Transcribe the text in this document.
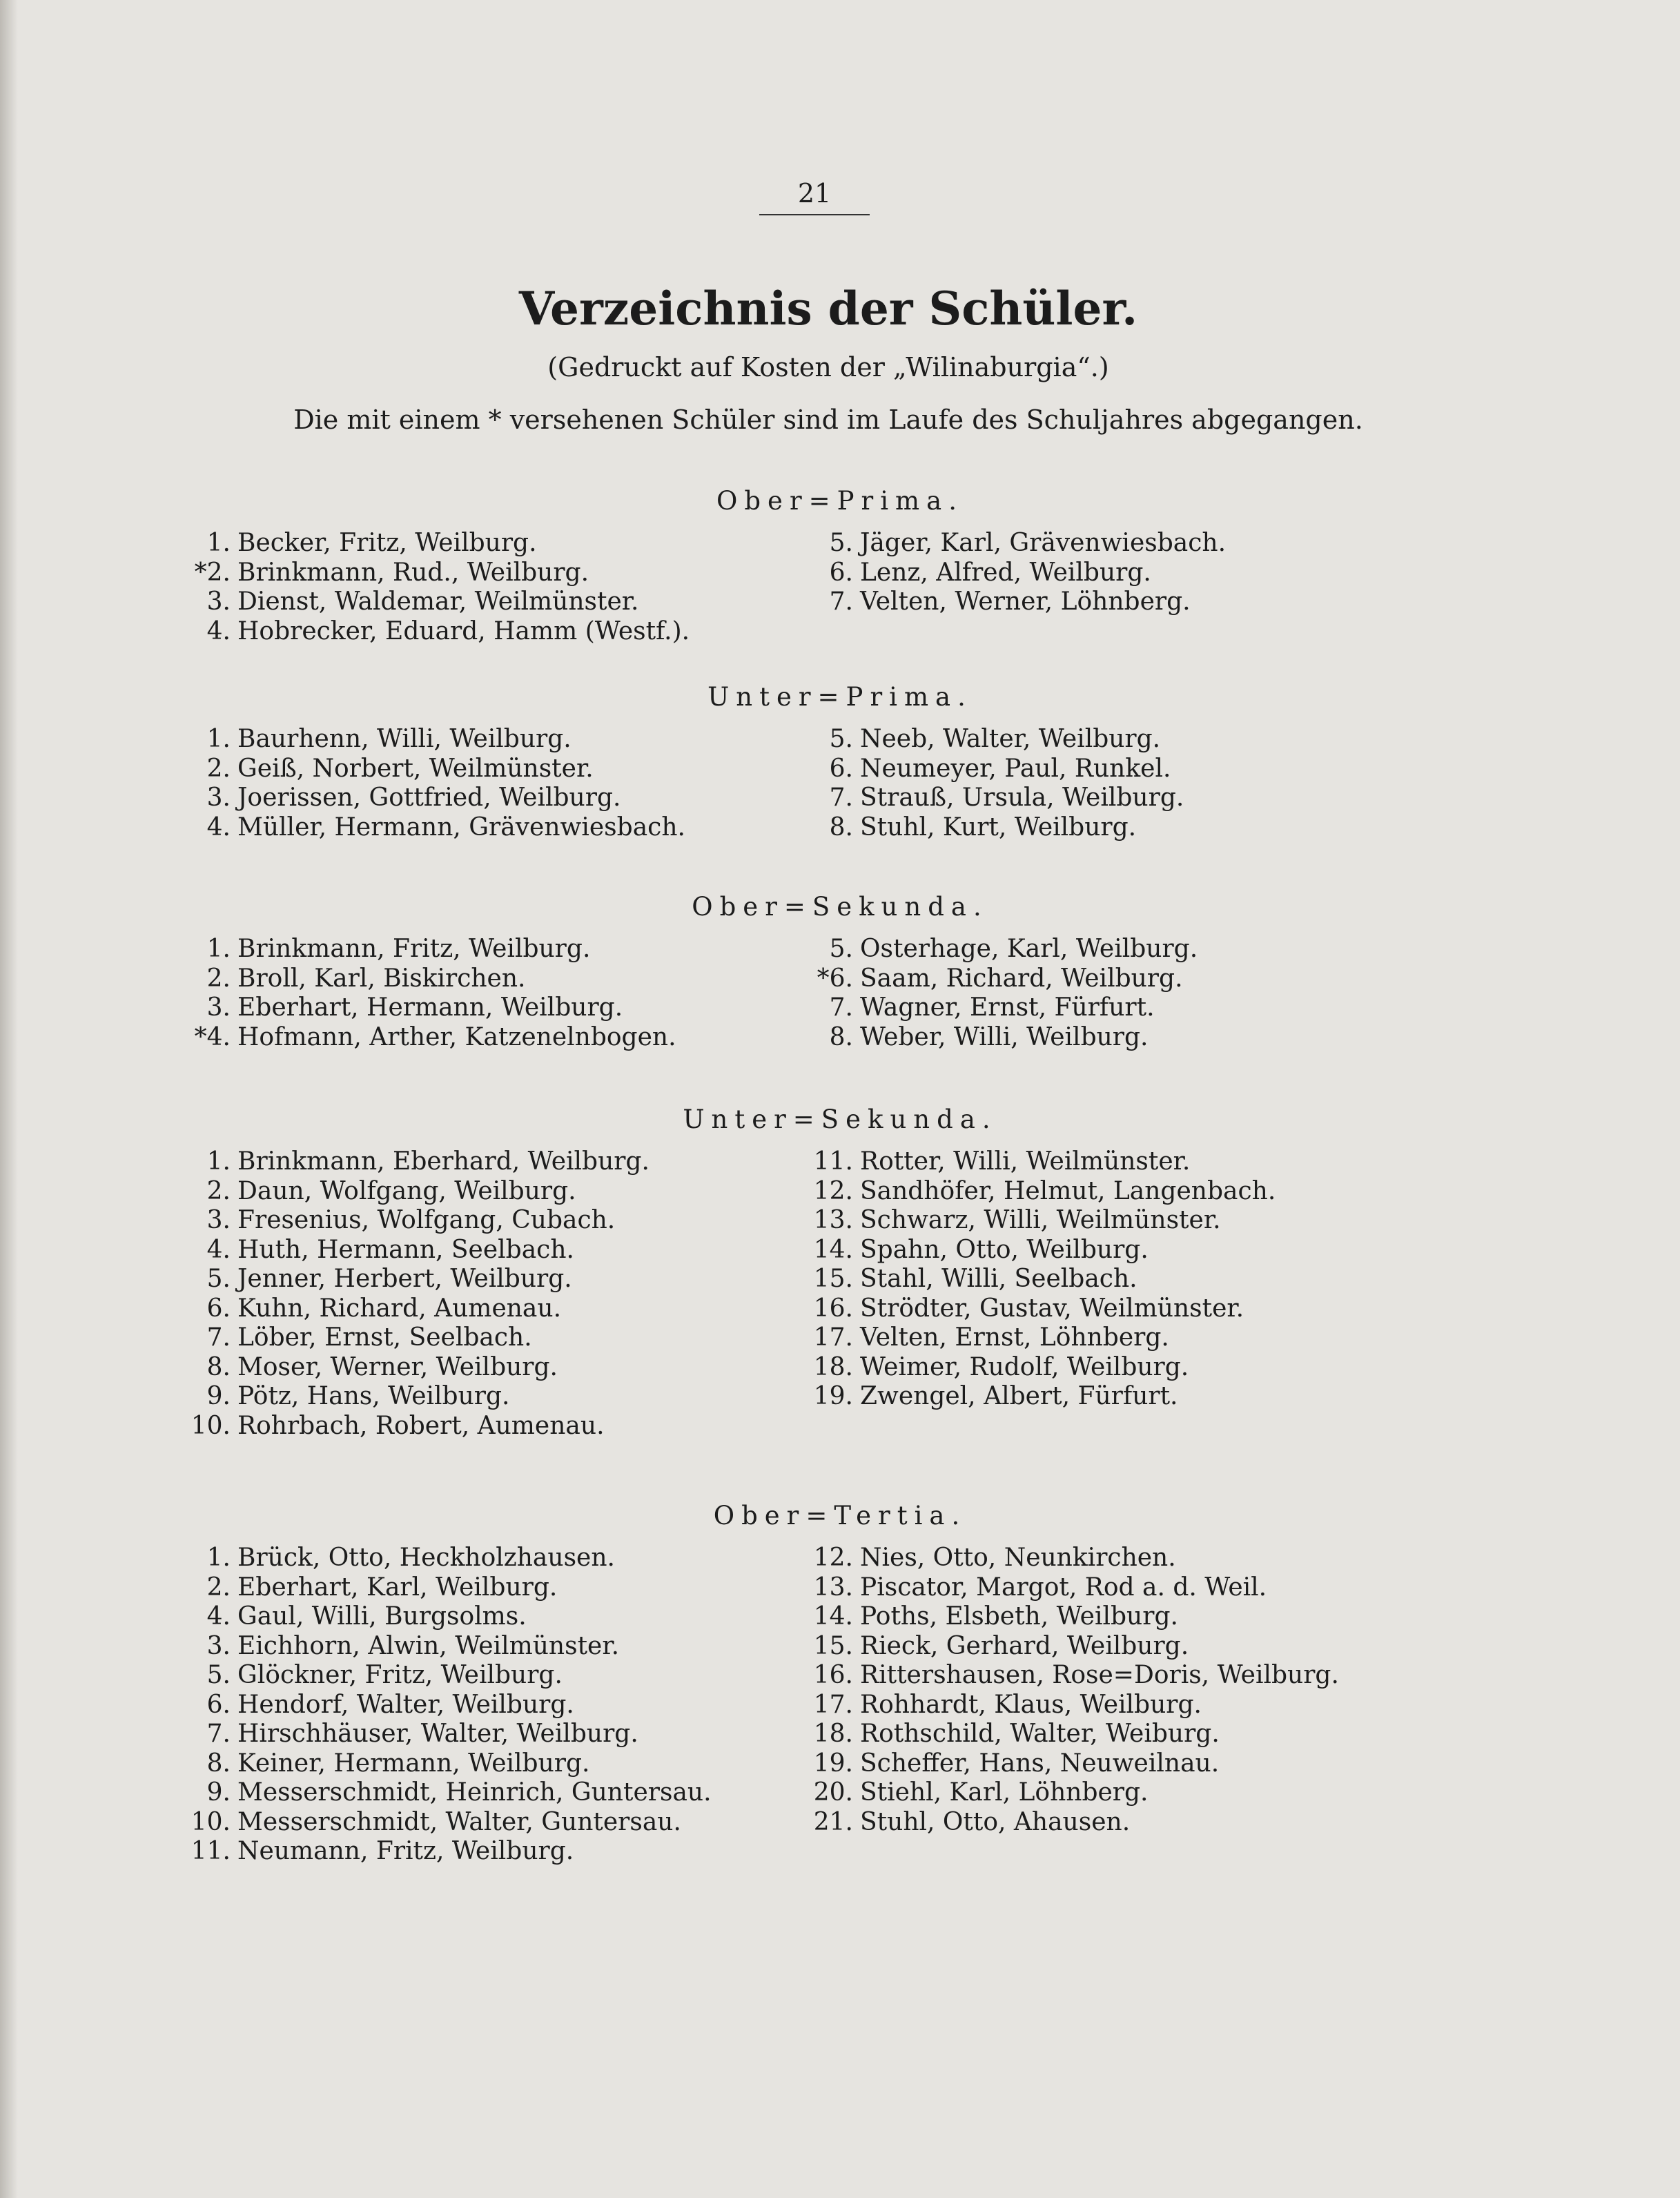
21
Verzeichnis der Schüler.
(Gedruckt auf Kosten der „Wilinaburgia“.)
Die mit einem * versehenen Schüler sind im Laufe des Schuljahres abgegangen.
Ober=Prima.
1. Becker, Fritz, Weilburg.
*2. Brinkmann, Rud., Weilburg.
3. Dienst, Waldemar, Weilmünster.
4. Hobrecker, Eduard, Hamm (Westf.).
5. Jäger, Karl, Grävenwiesbach.
6. Lenz, Alfred, Weilburg.
7. Velten, Werner, Löhnberg.
Unter=Prima.
1. Baurhenn, Willi, Weilburg.
2. Geiß, Norbert, Weilmünster.
3. Joerissen, Gottfried, Weilburg.
4. Müller, Hermann, Grävenwiesbach.
5. Neeb, Walter, Weilburg.
6. Neumeyer, Paul, Runkel.
7. Strauß, Ursula, Weilburg.
8. Stuhl, Kurt, Weilburg.
Ober=Sekunda.
1. Brinkmann, Fritz, Weilburg.
2. Broll, Karl, Biskirchen.
3. Eberhart, Hermann, Weilburg.
*4. Hofmann, Arther, Katzenelnbogen.
5. Osterhage, Karl, Weilburg.
*6. Saam, Richard, Weilburg.
7. Wagner, Ernst, Fürfurt.
8. Weber, Willi, Weilburg.
Unter=Sekunda.
1. Brinkmann, Eberhard, Weilburg.
2. Daun, Wolfgang, Weilburg.
3. Fresenius, Wolfgang, Cubach.
4. Huth, Hermann, Seelbach.
5. Jenner, Herbert, Weilburg.
6. Kuhn, Richard, Aumenau.
7. Löber, Ernst, Seelbach.
8. Moser, Werner, Weilburg.
9. Pötz, Hans, Weilburg.
10. Rohrbach, Robert, Aumenau.
11. Rotter, Willi, Weilmünster.
12. Sandhöfer, Helmut, Langenbach.
13. Schwarz, Willi, Weilmünster.
14. Spahn, Otto, Weilburg.
15. Stahl, Willi, Seelbach.
16. Strödter, Gustav, Weilmünster.
17. Velten, Ernst, Löhnberg.
18. Weimer, Rudolf, Weilburg.
19. Zwengel, Albert, Fürfurt.
Ober=Tertia.
1. Brück, Otto, Heckholzhausen.
2. Eberhart, Karl, Weilburg.
4. Gaul, Willi, Burgsolms.
3. Eichhorn, Alwin, Weilmünster.
5. Glöckner, Fritz, Weilburg.
6. Hendorf, Walter, Weilburg.
7. Hirschhäuser, Walter, Weilburg.
8. Keiner, Hermann, Weilburg.
9. Messerschmidt, Heinrich, Guntersau.
10. Messerschmidt, Walter, Guntersau.
11. Neumann, Fritz, Weilburg.
12. Nies, Otto, Neunkirchen.
13. Piscator, Margot, Rod a. d. Weil.
14. Poths, Elsbeth, Weilburg.
15. Rieck, Gerhard, Weilburg.
16. Rittershausen, Rose=Doris, Weilburg.
17. Rohhardt, Klaus, Weilburg.
18. Rothschild, Walter, Weiburg.
19. Scheffer, Hans, Neuweilnau.
20. Stiehl, Karl, Löhnberg.
21. Stuhl, Otto, Ahausen.
